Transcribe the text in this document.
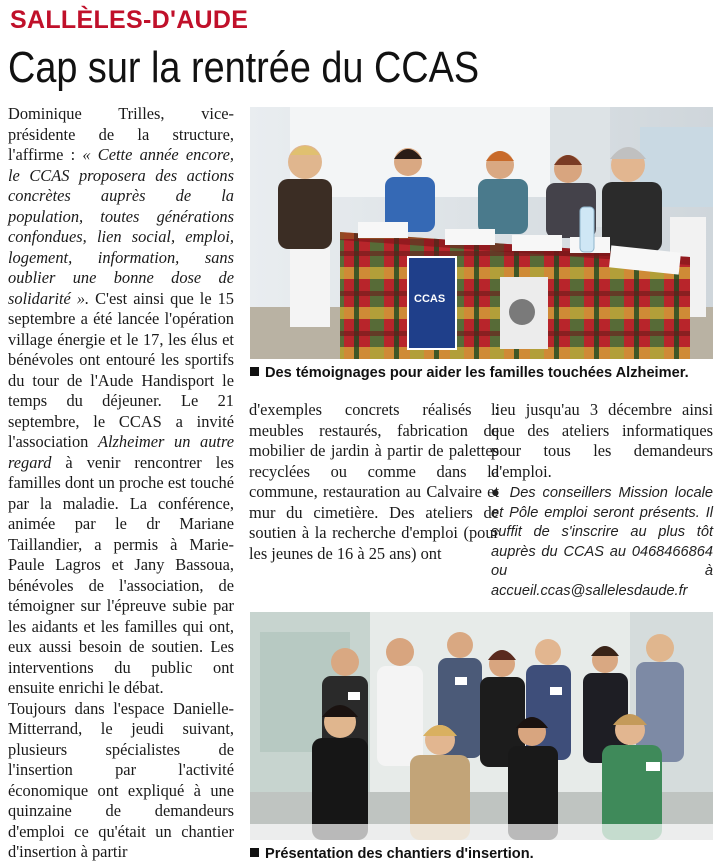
SALLÈLES-D'AUDE
Cap sur la rentrée du CCAS

Dominique Trilles, vice-présidente de la structure, l'affirme : « Cette année encore, le CCAS proposera des actions concrètes auprès de la population, toutes générations confondues, lien social, emploi, logement, information, sans oublier une bonne dose de solidarité ». C'est ainsi que le 15 septembre a été lancée l'opération village énergie et le 17, les élus et bénévoles ont entouré les sportifs du tour de l'Aude Handisport le temps du déjeuner. Le 21 septembre, le CCAS a invité l'association Alzheimer un autre regard à venir rencontrer les familles dont un proche est touché par la maladie. La conférence, animée par le dr Mariane Taillandier, a permis à Marie-Paule Lagros et Jany Bassoua, bénévoles de l'association, de témoigner sur l'épreuve subie par les aidants et les familles qui ont, eux aussi besoin de soutien. Les interventions du public ont ensuite enrichi le débat.

Toujours dans l'espace Danielle-Mitterrand, le jeudi suivant, plusieurs spécialistes de l'insertion par l'activité économique ont expliqué à une quinzaine de demandeurs d'emploi ce qu'était un chantier d'insertion à partir

CCAS
Des témoignages pour aider les familles touchées Alzheimer.

d'exemples concrets réalisés : meubles restaurés, fabrication de mobilier de jardin à partir de palettes recyclées ou comme dans la commune, restauration au Calvaire et mur du cimetière. Des ateliers de soutien à la recherche d'emploi (pour les jeunes de 16 à 25 ans) ont

lieu jusqu'au 3 décembre ainsi que des ateliers informatiques pour tous les demandeurs d'emploi.

● Des conseillers Mission locale et Pôle emploi seront présents. Il suffit de s'inscrire au plus tôt auprès du CCAS au 0468466864 ou à accueil.ccas@sallelesdaude.fr

Présentation des chantiers d'insertion.
